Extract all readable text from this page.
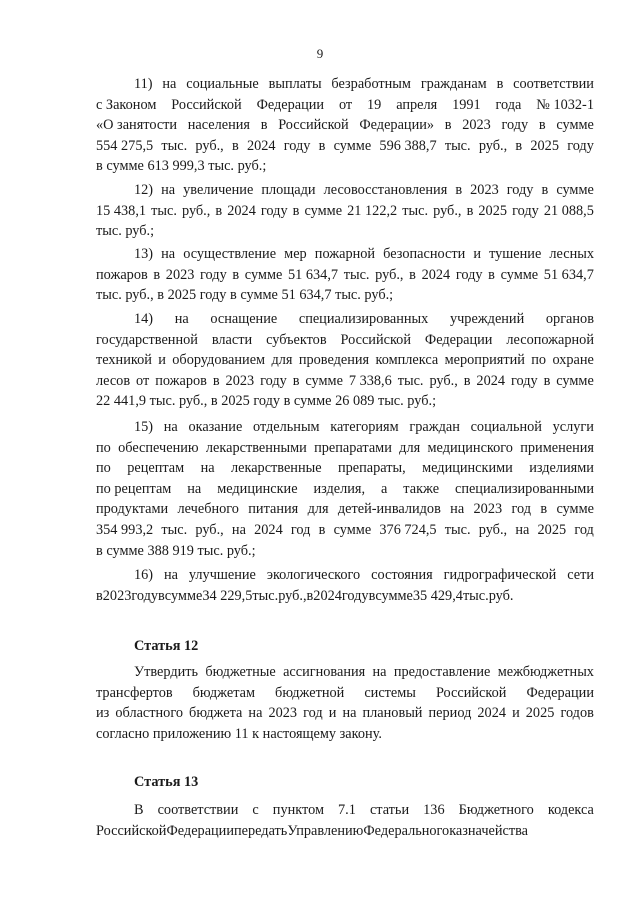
9
11) на социальные выплаты безработным гражданам в соответствии
с Законом Российской Федерации от 19 апреля 1991 года № 1032-1
«О занятости населения в Российской Федерации» в 2023 году в сумме
554 275,5 тыс. руб., в 2024 году в сумме 596 388,7 тыс. руб., в 2025 году
в сумме 613 999,3 тыс. руб.;
12) на увеличение площади лесовосстановления в 2023 году в сумме
15 438,1 тыс. руб., в 2024 году в сумме 21 122,2 тыс. руб., в 2025 году 21 088,5
тыс. руб.;
13) на осуществление мер пожарной безопасности и тушение лесных
пожаров в 2023 году в сумме 51 634,7 тыс. руб., в 2024 году в сумме 51 634,7
тыс. руб., в 2025 году в сумме 51 634,7 тыс. руб.;
14) на оснащение специализированных учреждений органов
государственной власти субъектов Российской Федерации лесопожарной
техникой и оборудованием для проведения комплекса мероприятий по охране
лесов от пожаров в 2023 году в сумме 7 338,6 тыс. руб., в 2024 году в сумме
22 441,9 тыс. руб., в 2025 году в сумме 26 089 тыс. руб.;
15) на оказание отдельным категориям граждан социальной услуги
по обеспечению лекарственными препаратами для медицинского применения
по рецептам на лекарственные препараты, медицинскими изделиями
по рецептам на медицинские изделия, а также специализированными
продуктами лечебного питания для детей-инвалидов на 2023 год в сумме
354 993,2 тыс. руб., на 2024 год в сумме 376 724,5 тыс. руб., на 2025 год
в сумме 388 919 тыс. руб.;
16) на улучшение экологического состояния гидрографической сети
в 2023 году в сумме 34 229,5 тыс. руб., в 2024 году в сумме 35 429,4 тыс. руб.
Статья 12
Утвердить бюджетные ассигнования на предоставление межбюджетных
трансфертов бюджетам бюджетной системы Российской Федерации
из областного бюджета на 2023 год и на плановый период 2024 и 2025 годов
согласно приложению 11 к настоящему закону.
Статья 13
В соответствии с пунктом 7.1 статьи 136 Бюджетного кодекса
Российской Федерации передать Управлению Федерального казначейства
